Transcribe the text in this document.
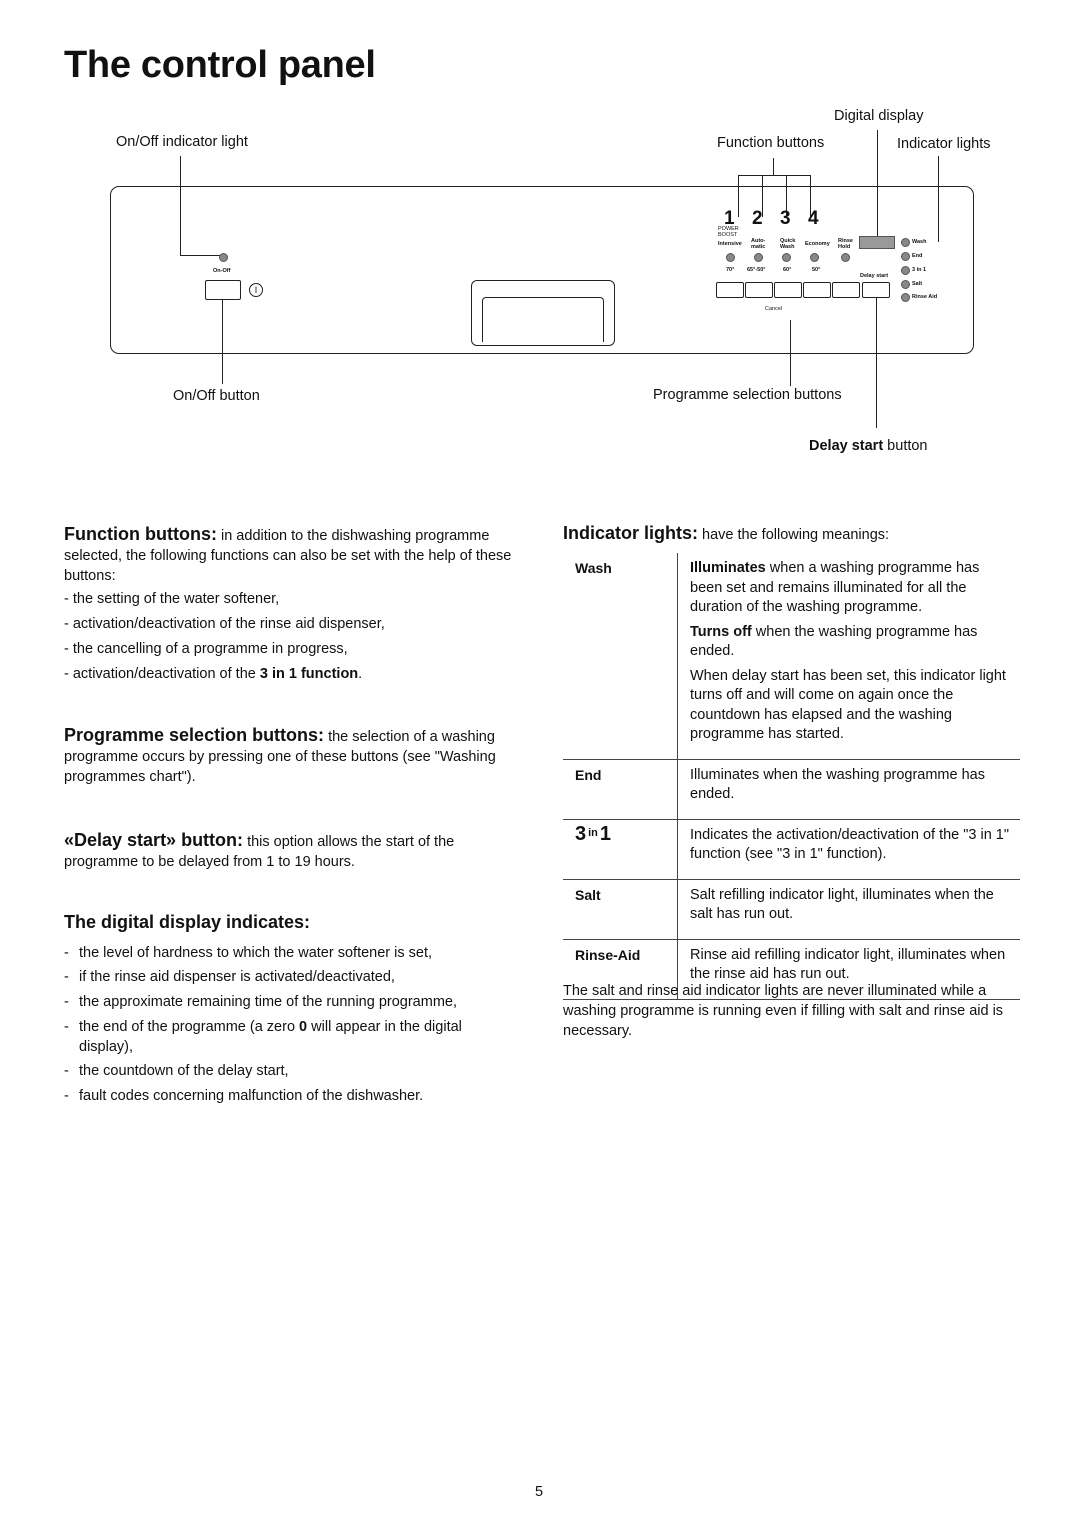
The control panel
Digital display
On/Off indicator light	Function buttons	Indicator lights
On-Off
I
1 2 3 4
POWER BOOST
Intensive Auto-matic
Quick Wash Economy Rinse Hold
70° 65°-50°	60°	50°
Delay start
Wash
End
3 in 1
Salt
Rinse Aid
Cancel
On/Off button	Programme selection buttons
Delay start button
Function buttons: in addition to the dishwashing programme selected, the following functions can also be set with the help of these buttons:
- the setting of the water softener,
- activation/deactivation of the rinse aid dispenser,
- the cancelling of a programme in progress,
- activation/deactivation of the 3 in 1 function.
Programme selection buttons: the selection of a washing programme occurs by pressing one of these buttons (see "Washing programmes chart").
«Delay start» button: this option allows the start of the programme to be delayed from 1 to 19 hours.
The digital display indicates:
- the level of hardness to which the water softener is set,
- if the rinse aid dispenser is activated/deactivated,
- the approximate remaining time of the running programme,
- the end of the programme (a zero 0 will appear in the digital display),
- the countdown of the delay start,
- fault codes concerning malfunction of the dishwasher.
Indicator lights: have the following meanings:
Wash	Illuminates when a washing programme has been set and remains illuminated for all the duration of the washing programme.

Turns off when the washing programme has ended.

When delay start has been set, this indicator light turns off and will come on again once the countdown has elapsed and the washing programme has started.

End	Illuminates when the washing programme has ended.
3 $^{in}$ 1	Indicates the activation/deactivation of the "3 in 1" function (see "3 in 1" function).
Salt	Salt refilling indicator light, illuminates when the salt has run out.
Rinse-Aid	Rinse aid refilling indicator light, illuminates when the rinse aid has run out.
The salt and rinse aid indicator lights are never illuminated while a washing programme is running even if filling with salt and rinse aid is necessary.
5
